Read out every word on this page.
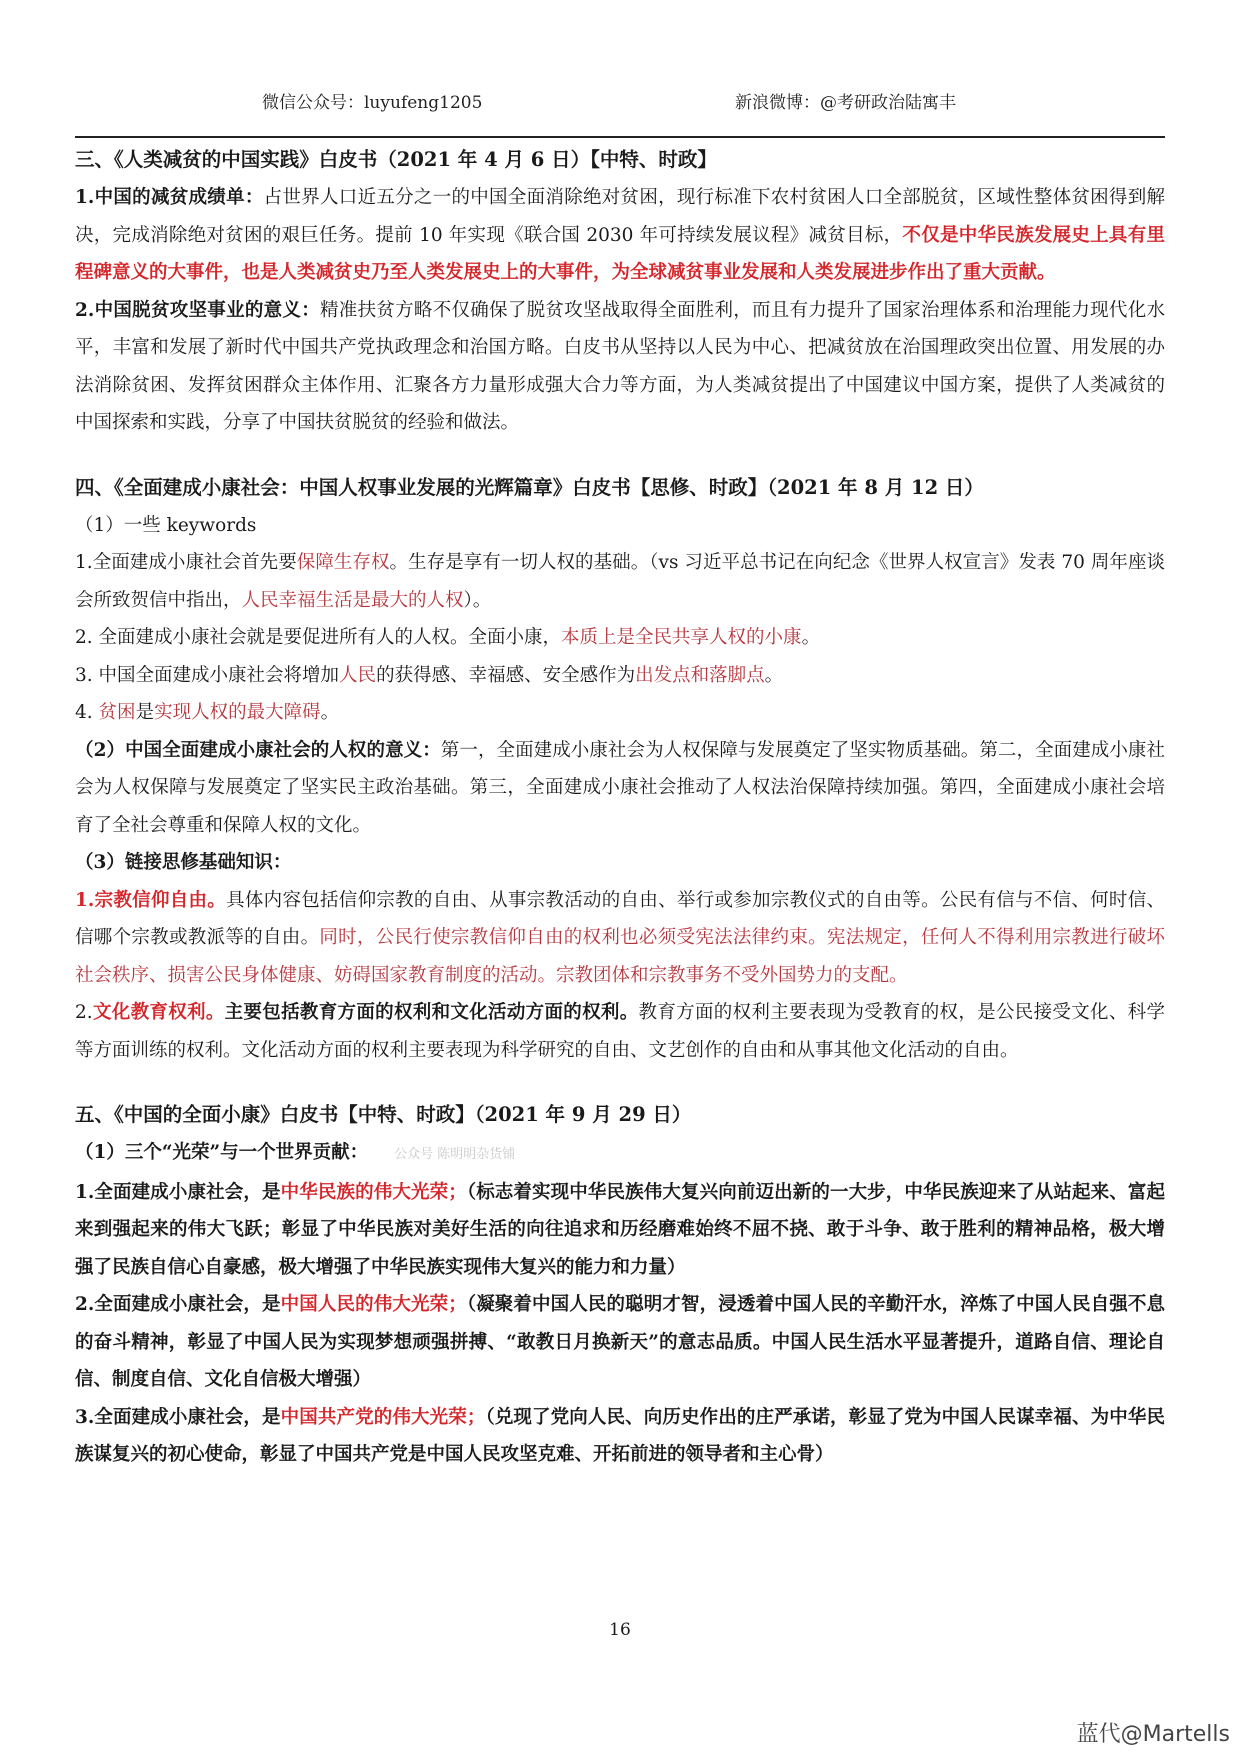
微信公众号：luyufeng1205	新浪微博：@考研政治陆寓丰

三、《人类减贫的中国实践》白皮书（2021 年 4 月 6 日）【中特、时政】

1.中国的减贫成绩单：占世界人口近五分之一的中国全面消除绝对贫困，现行标准下农村贫困人口全部脱贫，区域性整体贫困得到解决，完成消除绝对贫困的艰巨任务。提前 10 年实现《联合国 2030 年可持续发展议程》减贫目标，不仅是中华民族发展史上具有里程碑意义的大事件，也是人类减贫史乃至人类发展史上的大事件，为全球减贫事业发展和人类发展进步作出了重大贡献。

2.中国脱贫攻坚事业的意义：精准扶贫方略不仅确保了脱贫攻坚战取得全面胜利，而且有力提升了国家治理体系和治理能力现代化水平，丰富和发展了新时代中国共产党执政理念和治国方略。白皮书从坚持以人民为中心、把减贫放在治国理政突出位置、用发展的办法消除贫困、发挥贫困群众主体作用、汇聚各方力量形成强大合力等方面，为人类减贫提出了中国建议中国方案，提供了人类减贫的中国探索和实践，分享了中国扶贫脱贫的经验和做法。

四、《全面建成小康社会：中国人权事业发展的光辉篇章》白皮书【思修、时政】（2021 年 8 月 12 日）

（1）一些 keywords

1.全面建成小康社会首先要保障生存权。生存是享有一切人权的基础。（vs 习近平总书记在向纪念《世界人权宣言》发表 70 周年座谈会所致贺信中指出，人民幸福生活是最大的人权）。

2. 全面建成小康社会就是要促进所有人的人权。全面小康，本质上是全民共享人权的小康。

3. 中国全面建成小康社会将增加人民的获得感、幸福感、安全感作为出发点和落脚点。

4. 贫困是实现人权的最大障碍。

（2）中国全面建成小康社会的人权的意义：第一，全面建成小康社会为人权保障与发展奠定了坚实物质基础。第二，全面建成小康社会为人权保障与发展奠定了坚实民主政治基础。第三，全面建成小康社会推动了人权法治保障持续加强。第四，全面建成小康社会培育了全社会尊重和保障人权的文化。

（3）链接思修基础知识：

1.宗教信仰自由。具体内容包括信仰宗教的自由、从事宗教活动的自由、举行或参加宗教仪式的自由等。公民有信与不信、何时信、信哪个宗教或教派等的自由。同时，公民行使宗教信仰自由的权利也必须受宪法法律约束。宪法规定，任何人不得利用宗教进行破坏社会秩序、损害公民身体健康、妨碍国家教育制度的活动。宗教团体和宗教事务不受外国势力的支配。

2.文化教育权利。主要包括教育方面的权利和文化活动方面的权利。教育方面的权利主要表现为受教育的权，是公民接受文化、科学等方面训练的权利。文化活动方面的权利主要表现为科学研究的自由、文艺创作的自由和从事其他文化活动的自由。

五、《中国的全面小康》白皮书【中特、时政】（2021 年 9 月 29 日）

（1）三个“光荣”与一个世界贡献： 公众号 陈明明杂货铺

1.全面建成小康社会，是中华民族的伟大光荣；（标志着实现中华民族伟大复兴向前迈出新的一大步，中华民族迎来了从站起来、富起来到强起来的伟大飞跃；彰显了中华民族对美好生活的向往追求和历经磨难始终不屈不挠、敢于斗争、敢于胜利的精神品格，极大增强了民族自信心自豪感，极大增强了中华民族实现伟大复兴的能力和力量）

2.全面建成小康社会，是中国人民的伟大光荣；（凝聚着中国人民的聪明才智，浸透着中国人民的辛勤汗水，淬炼了中国人民自强不息的奋斗精神，彰显了中国人民为实现梦想顽强拼搏、“敢教日月换新天”的意志品质。中国人民生活水平显著提升，道路自信、理论自信、制度自信、文化自信极大增强）

3.全面建成小康社会，是中国共产党的伟大光荣；（兑现了党向人民、向历史作出的庄严承诺，彰显了党为中国人民谋幸福、为中华民族谋复兴的初心使命，彰显了中国共产党是中国人民攻坚克难、开拓前进的领导者和主心骨）

16
蓝代@Martells
